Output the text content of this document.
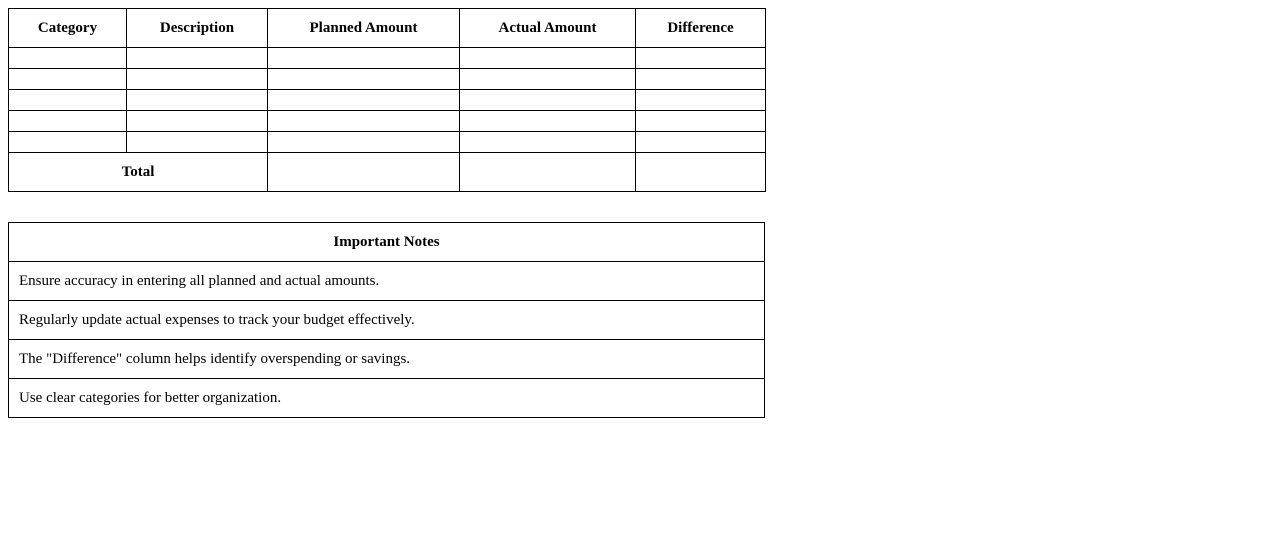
Category	Description	Planned Amount	Actual Amount	Difference

Total				
Important Notes
Ensure accuracy in entering all planned and actual amounts.
Regularly update actual expenses to track your budget effectively.
The "Difference" column helps identify overspending or savings.
Use clear categories for better organization.
